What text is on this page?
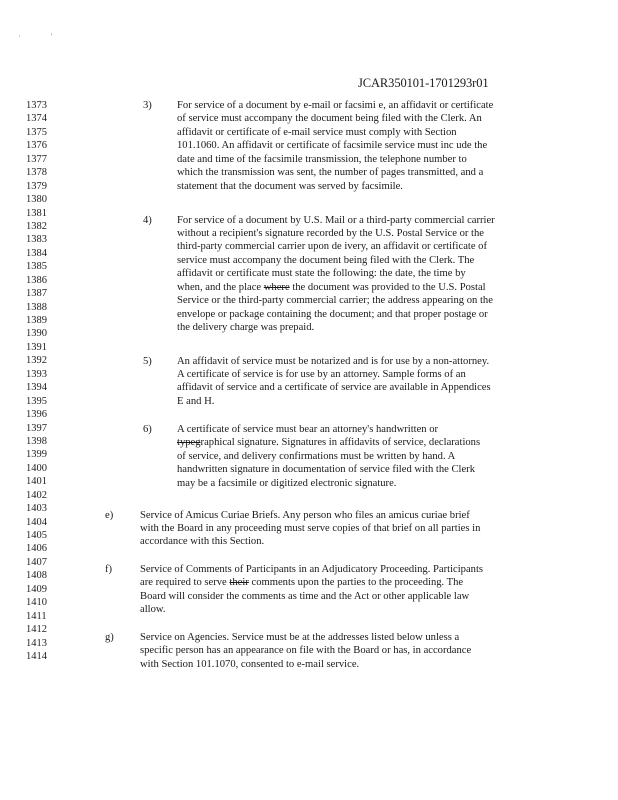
· '
JCAR350101-1701293r01
1373
1374
1375
1376
1377
1378
1379
1380
1381
1382
1383
1384
1385
1386
1387
1388
1389
1390
1391
1392
1393
1394
1395
1396
1397
1398
1399
1400
1401
1402
1403
1404
1405
1406
1407
1408
1409
1410
1411
1412
1413
1414
3) For service of a document by e-mail or facsimi e, an affidavit or certificate
of service must accompany the document being filed with the Clerk. An
affidavit or certificate of e-mail service must comply with Section
101.1060. An affidavit or certificate of facsimile service must inc ude the
date and time of the facsimile transmission, the telephone number to
which the transmission was sent, the number of pages transmitted, and a
statement that the document was served by facsimile.
4) For service of a document by U.S. Mail or a third-party commercial carrier
without a recipient's signature recorded by the U.S. Postal Service or the
third-party commercial carrier upon de ivery, an affidavit or certificate of
service must accompany the document being filed with the Clerk. The
affidavit or certificate must state the following: the date, the time by
when, and the place where the document was provided to the U.S. Postal
Service or the third-party commercial carrier; the address appearing on the
envelope or package containing the document; and that proper postage or
the delivery charge was prepaid.
5) An affidavit of service must be notarized and is for use by a non-attorney.
A certificate of service is for use by an attorney. Sample forms of an
affidavit of service and a certificate of service are available in Appendices
E and H.
6) A certificate of service must bear an attorney's handwritten or
typegraphical signature. Signatures in affidavits of service, declarations
of service, and delivery confirmations must be written by hand. A
handwritten signature in documentation of service filed with the Clerk
may be a facsimile or digitized electronic signature.
e)	Service of Amicus Curiae Briefs. Any person who files an amicus curiae brief
with the Board in any proceeding must serve copies of that brief on all parties in
accordance with this Section.
f)	Service of Comments of Participants in an Adjudicatory Proceeding. Participants
are required to serve their comments upon the parties to the proceeding. The
Board will consider the comments as time and the Act or other applicable law
allow.
g) Service on Agencies. Service must be at the addresses listed below unless a
specific person has an appearance on file with the Board or has, in accordance
with Section 101.1070, consented to e-mail service.
